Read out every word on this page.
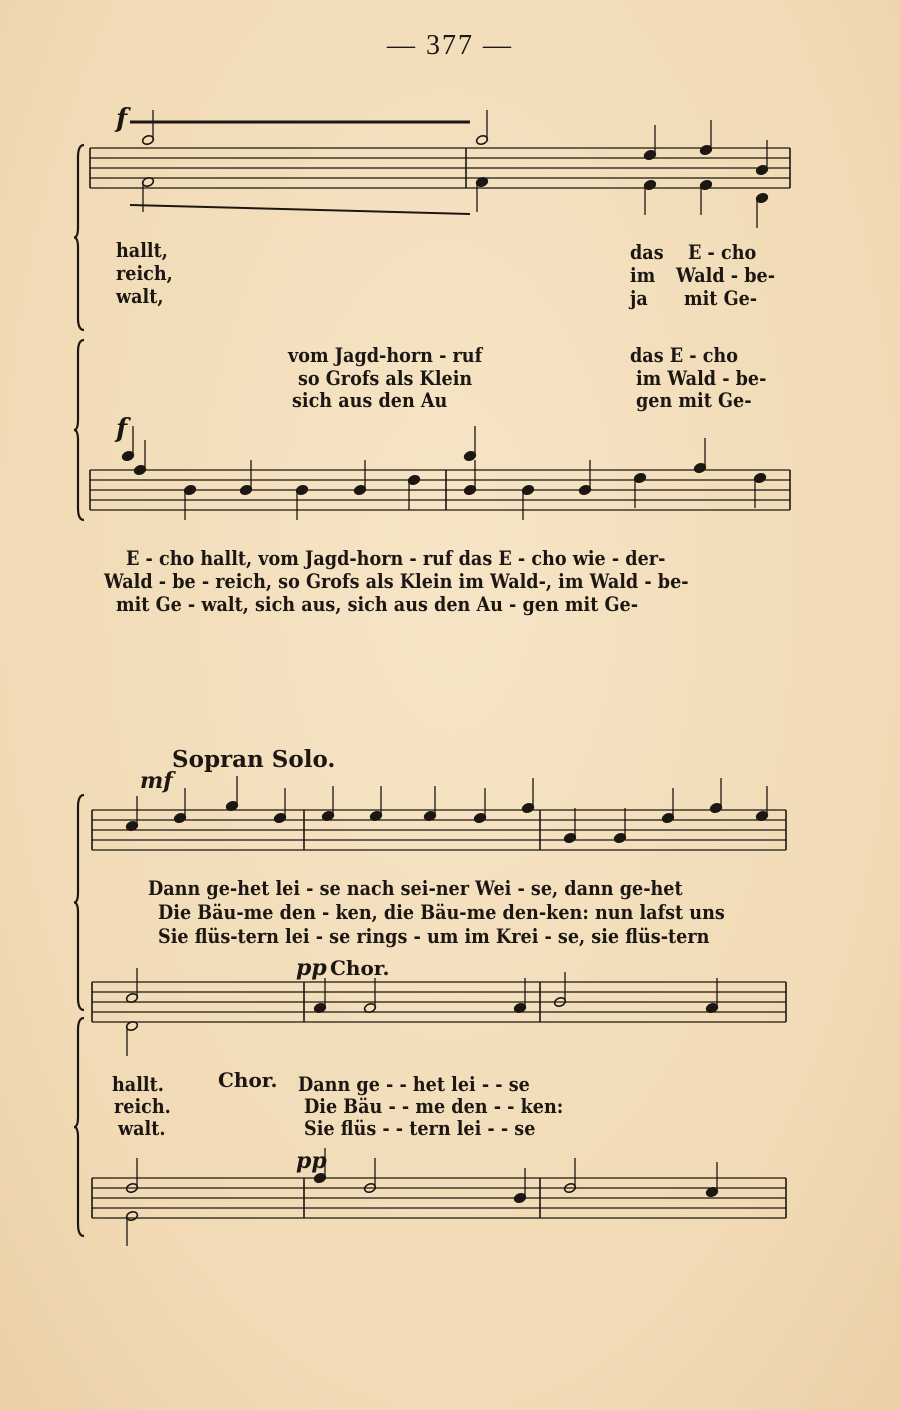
— 377 —
f
f
mf
pp
pp
hallt,
reich,
walt,
das E - cho
im Wald - be-
ja mit Ge-
vom Jagd-horn - ruf	das E - cho
so Grofs als Klein	im Wald - be-
sich aus den Au	gen mit Ge-
E - cho hallt, vom Jagd-horn - ruf das E - cho wie - der-
Wald - be - reich, so Grofs als Klein im Wald-, im Wald - be-
mit Ge - walt, sich aus, sich aus den Au - gen mit Ge-
Sopran Solo.
Dann ge-het lei - se nach sei-ner Wei - se, dann ge-het
Die Bäu-me den - ken, die Bäu-me den-ken: nun lafst uns
Sie flüs-tern lei - se rings - um im Krei - se, sie flüs-tern
Chor.
hallt.
reich.
walt.
Chor. Dann ge - - het lei - - se
Die Bäu - - me den - - ken:
Sie flüs - - tern lei - - se
